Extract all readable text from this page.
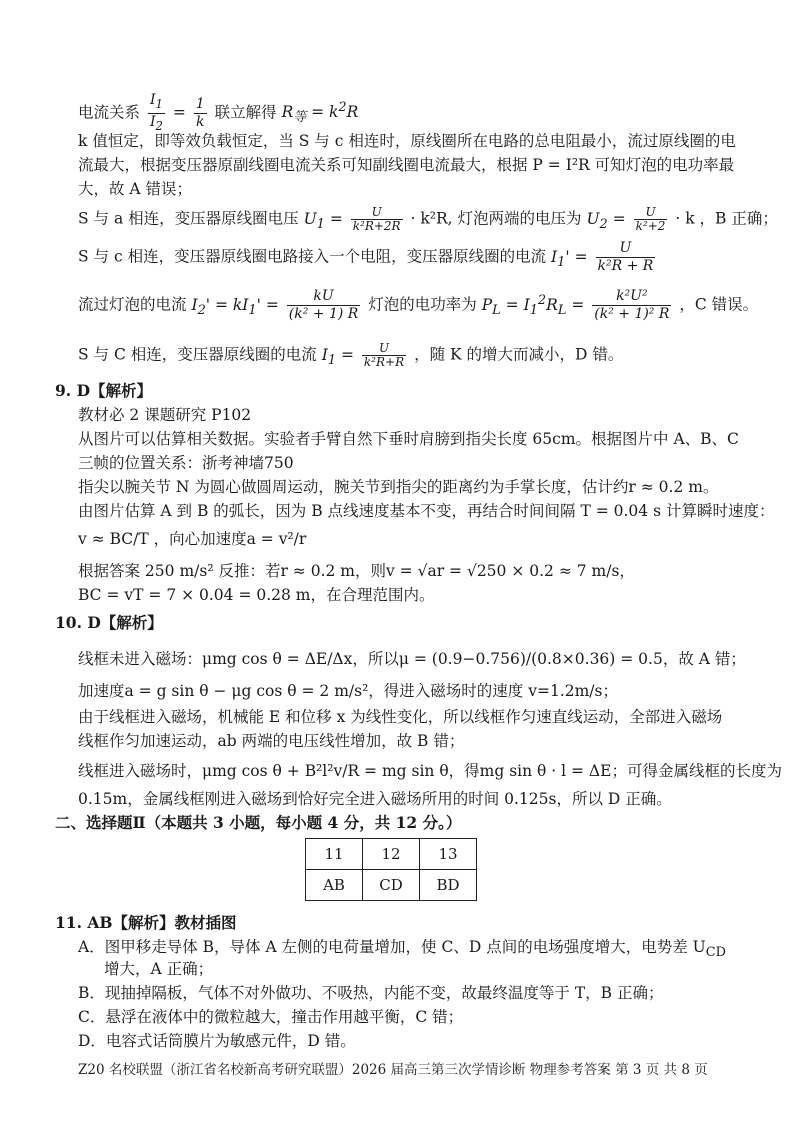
电流关系 $\frac{I_1}{I_2} = \frac{1}{k}$ 联立解得 $R_等 = k^2R$
k 值恒定，即等效负载恒定，当 S 与 c 相连时，原线圈所在电路的总电阻最小，流过原线圈的电
流最大，根据变压器原副线圈电流关系可知副线圈电流最大，根据 P = I²R 可知灯泡的电功率最
大，故 A 错误；
S 与 a 相连，变压器原线圈电压 $U_1 = \frac{U}{\text{k²R+2R}} \cdot k^2R$, 灯泡两端的电压为 $U_2 = \frac{U}{\text{k²+2}} \cdot k$ ，B 正确；
S 与 c 相连，变压器原线圈电路接入一个电阻，变压器原线圈的电流 $I_1' = \frac{U}{\text{k²R + R}}$
流过灯泡的电流 $I_2' = kI_1' = \frac{kU}{\text{(k² + 1) R}}$ 灯泡的电功率为 $P_L = I_1^2R_L = \frac{\text{k²U²}}{\text{(k² + 1)² R}}$ ，C 错误。
S 与 C 相连，变压器原线圈的电流 $I_1 = \frac{U}{\text{k²R+R}}$ ，随 K 的增大而减小，D 错。
9. D【解析】
教材必 2 课题研究 P102
从图片可以估算相关数据。实验者手臂自然下垂时肩膀到指尖长度 65cm。根据图片中 A、B、C
三帧的位置关系：浙考神墙750
指尖以腕关节 N 为圆心做圆周运动，腕关节到指尖的距离约为手掌长度，估计约r ≈ 0.2 m。
由图片估算 A 到 B 的弧长，因为 B 点线速度基本不变，再结合时间间隔 T = 0.04 s 计算瞬时速度：
v ≈ BC/T ，向心加速度a = v²/r
根据答案 250 m/s² 反推：若r ≈ 0.2 m，则v = √ar = √250 × 0.2 ≈ 7 m/s，
BC = vT = 7 × 0.04 = 0.28 m，在合理范围内。
10. D【解析】
线框未进入磁场：μmg cos θ = ΔE/Δx，所以μ = (0.9−0.756)/(0.8×0.36) = 0.5，故 A 错；
加速度a = g sin θ − μg cos θ = 2 m/s²，得进入磁场时的速度 v=1.2m/s；
由于线框进入磁场，机械能 E 和位移 x 为线性变化，所以线框作匀速直线运动，全部进入磁场
线框作匀加速运动，ab 两端的电压线性增加，故 B 错；
线框进入磁场时，μmg cos θ + B²l²v/R = mg sin θ，得mg sin θ · l = ΔE；可得金属线框的长度为
0.15m，金属线框刚进入磁场到恰好完全进入磁场所用的时间 0.125s，所以 D 正确。
二、选择题Ⅱ（本题共 3 小题，每小题 4 分，共 12 分。）
11	12	13
AB	CD	BD
11. AB【解析】教材插图
A．图甲移走导体 B，导体 A 左侧的电荷量增加，使 C、D 点间的电场强度增大，电势差 $U_{CD}$
增大，A 正确；
B．现抽掉隔板，气体不对外做功、不吸热，内能不变，故最终温度等于 T，B 正确；
C．悬浮在液体中的微粒越大，撞击作用越平衡，C 错；
D．电容式话筒膜片为敏感元件，D 错。
Z20 名校联盟（浙江省名校新高考研究联盟）2026 届高三第三次学情诊断 物理参考答案 第 3 页 共 8 页
